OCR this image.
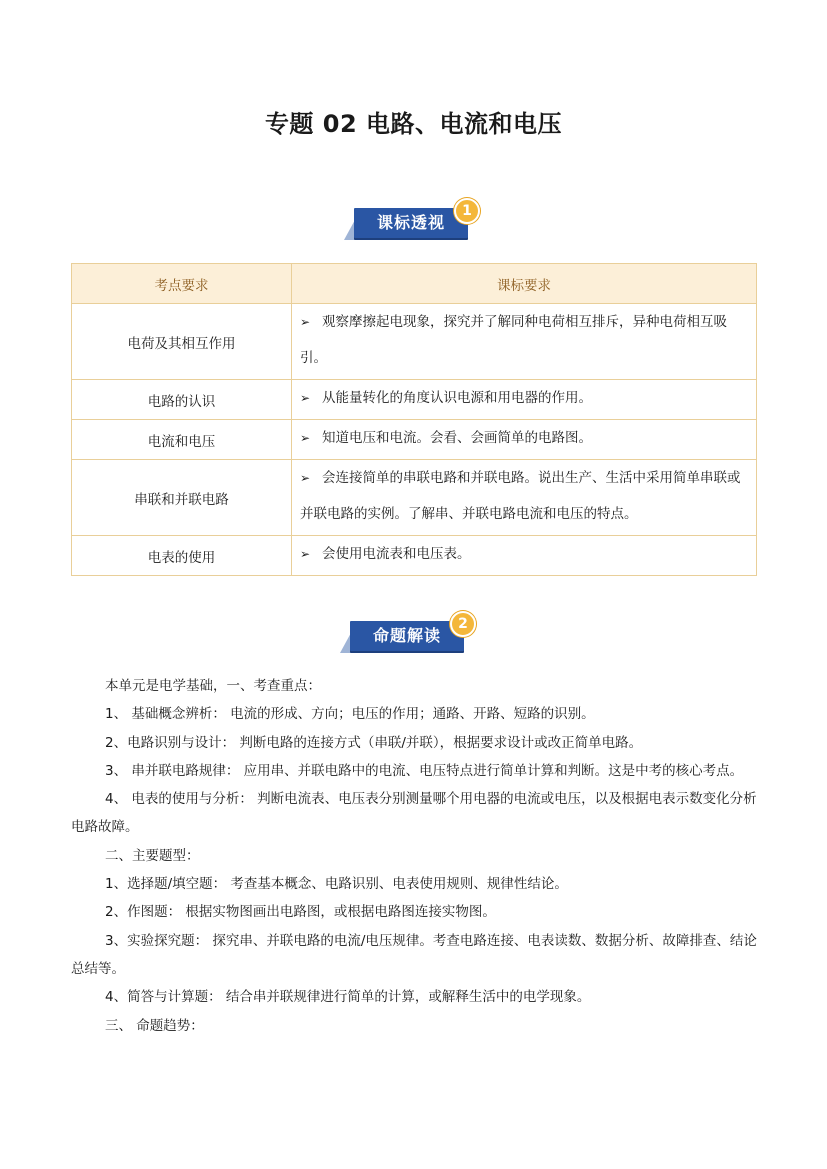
专题 02 电路、电流和电压
课标透视
1
考点要求	课标要求
电荷及其相互作用	➢ 观察摩擦起电现象，探究并了解同种电荷相互排斥，异种电荷相互吸引。
电路的认识	➢ 从能量转化的角度认识电源和用电器的作用。
电流和电压	➢ 知道电压和电流。会看、会画简单的电路图。
串联和并联电路	➢ 会连接简单的串联电路和并联电路。说出生产、生活中采用简单串联或并联电路的实例。了解串、并联电路电流和电压的特点。
电表的使用	➢ 会使用电流表和电压表。
命题解读
2

本单元是电学基础，一、考查重点：

1、 基础概念辨析： 电流的形成、方向；电压的作用；通路、开路、短路的识别。

2、电路识别与设计： 判断电路的连接方式（串联/并联），根据要求设计或改正简单电路。

3、 串并联电路规律： 应用串、并联电路中的电流、电压特点进行简单计算和判断。这是中考的核心考点。

4、 电表的使用与分析： 判断电流表、电压表分别测量哪个用电器的电流或电压，以及根据电表示数变化分析电路故障。

二、主要题型：

1、选择题/填空题： 考查基本概念、电路识别、电表使用规则、规律性结论。

2、作图题： 根据实物图画出电路图，或根据电路图连接实物图。

3、实验探究题： 探究串、并联电路的电流/电压规律。考查电路连接、电表读数、数据分析、故障排查、结论总结等。

4、简答与计算题： 结合串并联规律进行简单的计算，或解释生活中的电学现象。

三、 命题趋势：
